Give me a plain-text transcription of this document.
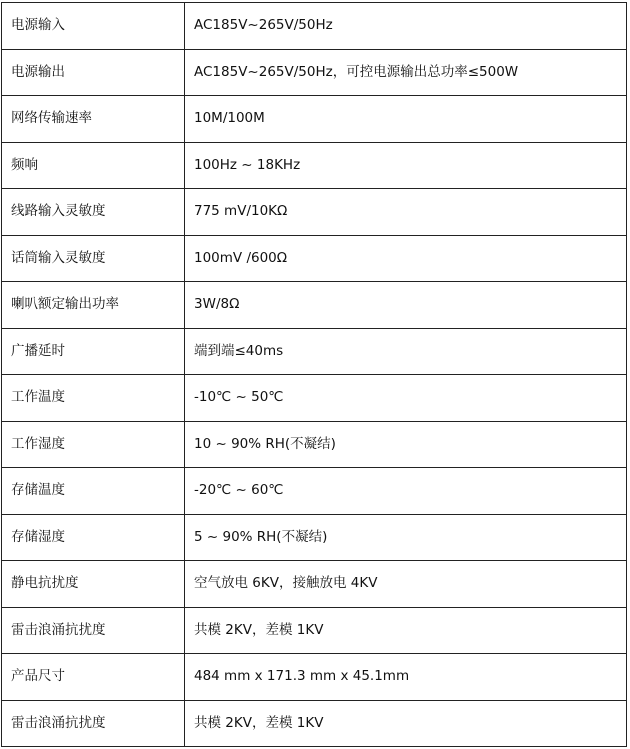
电源输入	AC185V~265V/50Hz
电源输出	AC185V~265V/50Hz，可控电源输出总功率≤500W
网络传输速率	10M/100M
频响	100Hz ~ 18KHz
线路输入灵敏度	775 mV/10KΩ
话筒输入灵敏度	100mV /600Ω
喇叭额定输出功率	3W/8Ω
广播延时	端到端≤40ms
工作温度	-10℃ ~ 50℃
工作湿度	10 ~ 90% RH(不凝结)
存储温度	-20℃ ~ 60℃
存储湿度	5 ~ 90% RH(不凝结)
静电抗扰度	空气放电 6KV，接触放电 4KV
雷击浪涌抗扰度	共模 2KV，差模 1KV
产品尺寸	484 mm x 171.3 mm x 45.1mm
雷击浪涌抗扰度	共模 2KV，差模 1KV
